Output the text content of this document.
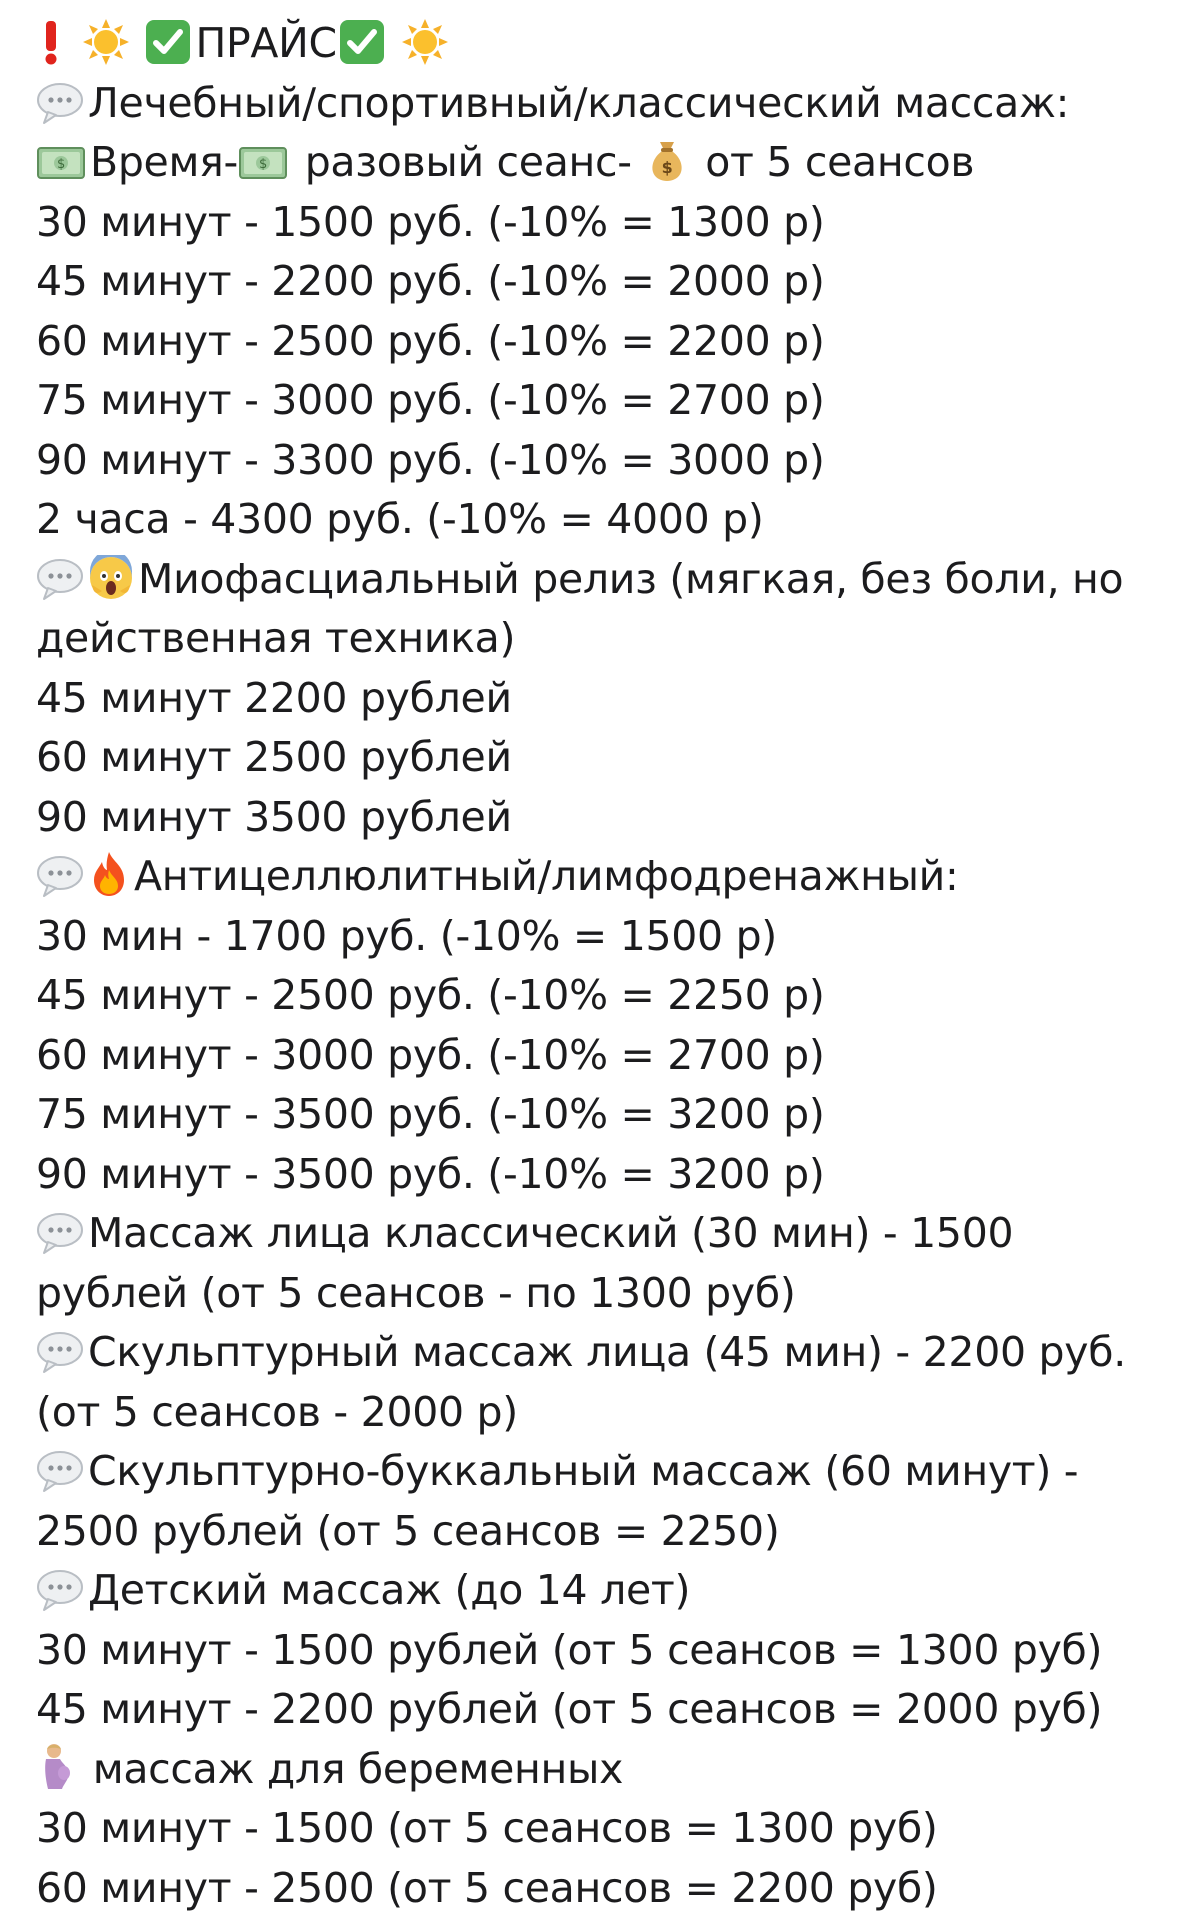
ПРАЙС
Лечебный/спортивный/классический массаж:
$ Время- $ разовый сеанс- $ от 5 сеансов
30 минут - 1500 руб. (-10% = 1300 р)
45 минут - 2200 руб. (-10% = 2000 р)
60 минут - 2500 руб. (-10% = 2200 р)
75 минут - 3000 руб. (-10% = 2700 р)
90 минут - 3300 руб. (-10% = 3000 р)
2 часа - 4300 руб. (-10% = 4000 р)
Миофасциальный релиз (мягкая, без боли, но
действенная техника)
45 минут 2200 рублей
60 минут 2500 рублей
90 минут 3500 рублей
Антицеллюлитный/лимфодренажный:
30 мин - 1700 руб. (-10% = 1500 р)
45 минут - 2500 руб. (-10% = 2250 р)
60 минут - 3000 руб. (-10% = 2700 р)
75 минут - 3500 руб. (-10% = 3200 р)
90 минут - 3500 руб. (-10% = 3200 р)
Массаж лица классический (30 мин) - 1500
рублей (от 5 сеансов - по 1300 руб)
Скульптурный массаж лица (45 мин) - 2200 руб.
(от 5 сеансов - 2000 р)
Скульптурно-буккальный массаж (60 минут) -
2500 рублей (от 5 сеансов = 2250)
Детский массаж (до 14 лет)
30 минут - 1500 рублей (от 5 сеансов = 1300 руб)
45 минут - 2200 рублей (от 5 сеансов = 2000 руб)
массаж для беременных
30 минут - 1500 (от 5 сеансов = 1300 руб)
60 минут - 2500 (от 5 сеансов = 2200 руб)
